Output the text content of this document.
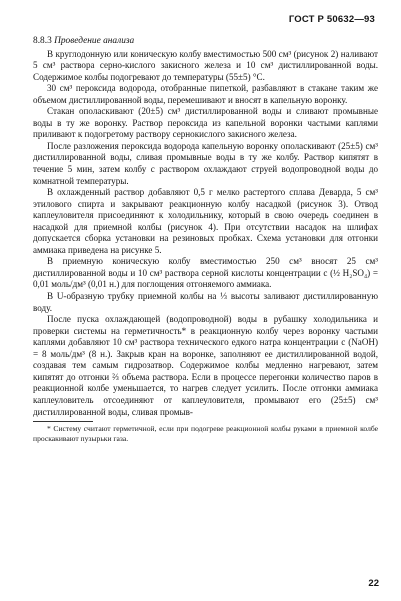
ГОСТ Р 50632—93

8.8.3 Проведение анализа

В круглодонную или коническую колбу вместимостью 500 см³ (рисунок 2) наливают 5 см³ раствора серно-кислого закисного железа и 10 см³ дистиллированной воды. Содержимое колбы подогревают до температуры (55±5) °С.

30 см³ пероксида водорода, отобранные пипеткой, разбавляют в стакане таким же объемом дистиллированной воды, перемешивают и вносят в капельную воронку.

Стакан ополаскивают (20±5) см³ дистиллированной воды и сливают промывные воды в ту же воронку. Раствор пероксида из капельной воронки частыми каплями приливают к подогретому раствору сернокислого закисного железа.

После разложения пероксида водорода капельную воронку ополаскивают (25±5) см³ дистиллированной воды, сливая промывные воды в ту же колбу. Раствор кипятят в течение 5 мин, затем колбу с раствором охлаждают струей водопроводной воды до комнатной температуры.

В охлажденный раствор добавляют 0,5 г мелко растертого сплава Деварда, 5 см³ этилового спирта и закрывают реакционную колбу насадкой (рисунок 3). Отвод каплеуловителя присоединяют к холодильнику, который в свою очередь соединен в насадкой для приемной колбы (рисунок 4). При отсутствии насадок на шлифах допускается сборка установки на резиновых пробках. Схема установки для отгонки аммиака приведена на рисунке 5.

В приемную коническую колбу вместимостью 250 см³ вносят 25 см³ дистиллированной воды и 10 см³ раствора серной кислоты концентрации с (½ H₂SO₄) = 0,01 моль/дм³ (0,01 н.) для поглощения отгоняемого аммиака.

В U-образную трубку приемной колбы на ⅓ высоты заливают дистиллированную воду.

После пуска охлаждающей (водопроводной) воды в рубашку холодильника и проверки системы на герметичность* в реакционную колбу через воронку частыми каплями добавляют 10 см³ раствора технического едкого натра концентрации с (NaOH) = 8 моль/дм³ (8 н.). Закрыв кран на воронке, заполняют ее дистиллированной водой, создавая тем самым гидрозатвор. Содержимое колбы медленно нагревают, затем кипятят до отгонки ⅔ объема раствора. Если в процессе перегонки количество паров в реакционной колбе уменьшается, то нагрев следует усилить. После отгонки аммиака каплеуловитель отсоединяют от каплеуловителя, промывают его (25±5) см³ дистиллированной воды, сливая промыв-

* Систему считают герметичной, если при подогреве реакционной колбы руками в приемной колбе проскакивают пузырьки газа.

22
